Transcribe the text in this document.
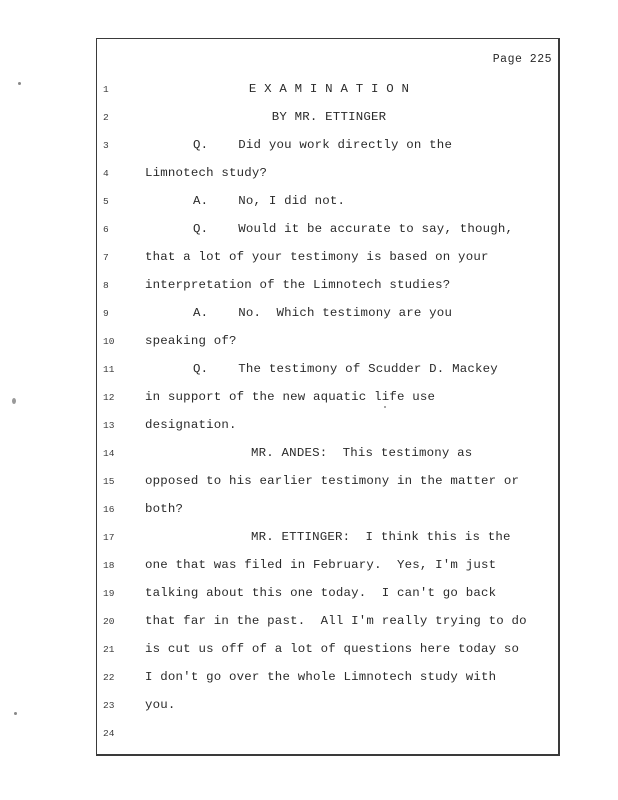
Page 225
1	E X A M I N A T I O N
2	BY MR. ETTINGER
3	Q. Did you work directly on the
4	Limnotech study?
5	A. No, I did not.
6	Q. Would it be accurate to say, though,
7	that a lot of your testimony is based on your
8	interpretation of the Limnotech studies?
9	A. No.  Which testimony are you
10	speaking of?
11	Q. The testimony of Scudder D. Mackey
12	in support of the new aquatic life use
13	designation.
14	MR. ANDES: This testimony as
15	opposed to his earlier testimony in the matter or
16	both?
17	MR. ETTINGER: I think this is the
18	one that was filed in February.  Yes, I'm just
19	talking about this one today.  I can't go back
20	that far in the past.  All I'm really trying to do
21	is cut us off of a lot of questions here today so
22	I don't go over the whole Limnotech study with
23	you.
24
